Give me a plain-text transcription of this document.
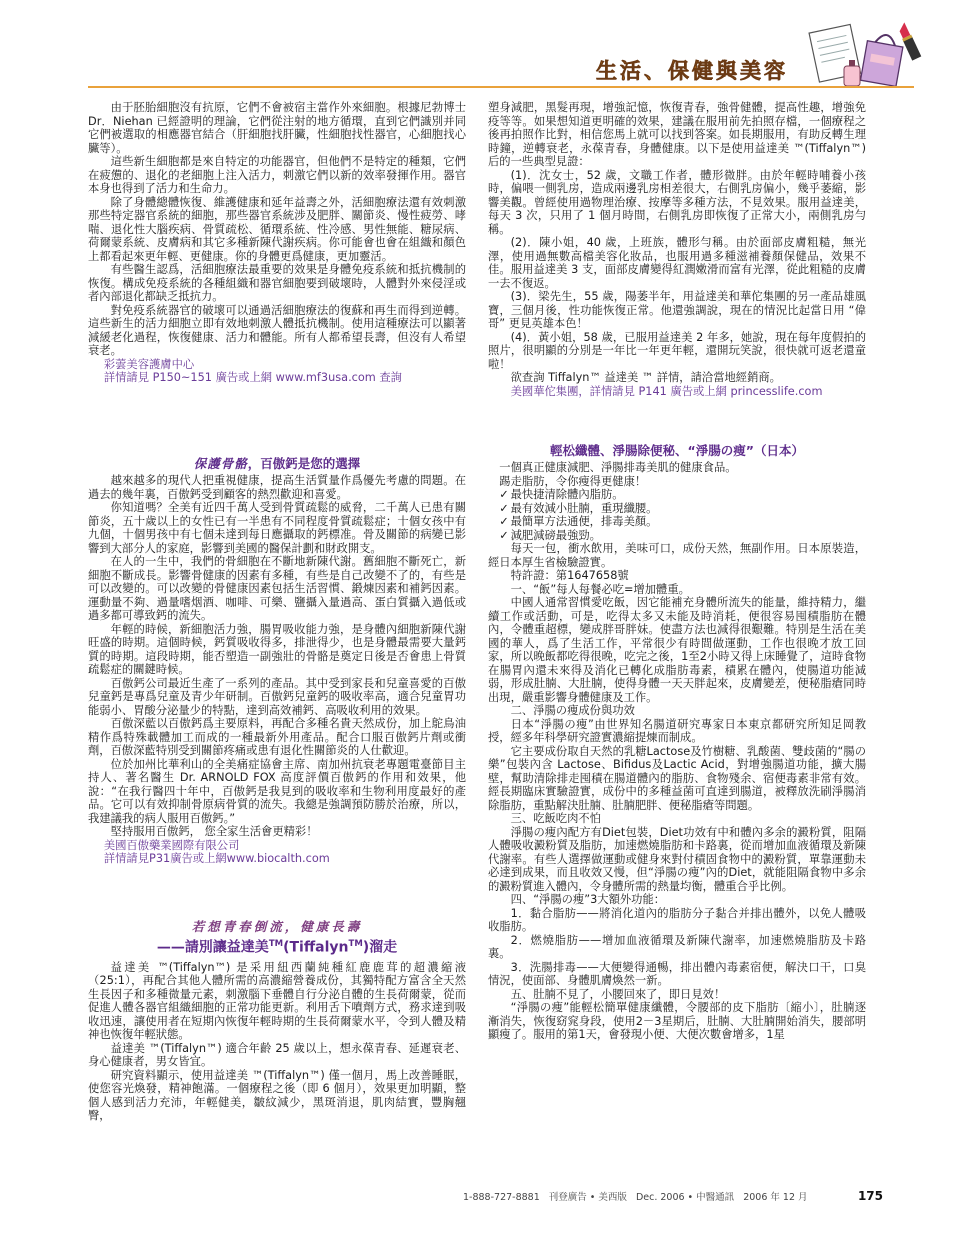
生活、保健與美容

由于胚胎細胞沒有抗原，它們不會被宿主當作外來細胞。根據尼勃博士 Dr．Niehan 已經證明的理論，它們從注射的地方循環，直到它們識別并同它們被選取的相應器官結合（肝細胞找肝臟，性細胞找性器官，心細胞找心臟等）。

這些新生細胞都是來自特定的功能器官，但他們不是特定的種類，它們在疲憊的、退化的老細胞上注入活力，刺激它們以新的效率發揮作用。器官本身也得到了活力和生命力。

除了身體總體恢復、維護健康和延年益壽之外，活細胞療法還有效刺激那些特定器官系統的細胞，那些器官系統涉及肥胖、關節炎、慢性疲勞、哮喘、退化性大腦疾病、骨質疏松、循環系統、性冷感、男性無能、糖尿病、荷爾蒙系統、皮膚病和其它多種新陳代謝疾病。你可能會也會在組織和顏色上都看起來更年輕、更健康。你的身體更爲健康，更加靈活。

有些醫生認爲，活細胞療法最重要的效果是身體免疫系統和抵抗機制的恢復。構成免疫系統的各種組織和器官細胞要到破壞時，人體對外來侵淫或者內部退化都缺乏抵抗力。

對免疫系統器官的破壞可以通過活細胞療法的復蘇和再生而得到逆轉。這些新生的活力細胞立即有效地刺激人體抵抗機制。使用這種療法可以顯著減緩老化過程，恢復健康、活力和體能。所有人都希望長壽，但沒有人希望衰老。

彩蕓美容護膚中心

詳情請見 P150~151 廣告或上網 www.mf3usa.com 查詢

保護骨骼，百傲鈣是您的選擇

越來越多的現代人把重視健康，提高生活質量作爲優先考慮的問題。在過去的幾年裏，百傲鈣受到顧客的熱烈歡迎和喜愛。

你知道嗎？全美有近四千萬人受到骨質疏鬆的威脅，二千萬人已患有關節炎，五十歲以上的女性已有一半患有不同程度骨質疏鬆症；十個女孩中有九個，十個男孩中有七個未達到每日應攝取的鈣標准。骨及關節的病變已影響到大部分人的家庭，影響到美國的醫保計劃和財政開支。

在人的一生中，我們的骨細胞在不斷地新陳代謝。舊細胞不斷死亡，新細胞不斷成長。影響骨健康的因素有多種，有些是自己改變不了的，有些是可以改變的。可以改變的骨健康因素包括生活習慣、鍛煉因素和補鈣因素。運動量不夠、過量嗜烟酒、咖啡、可樂、鹽攝入量過高、蛋白質攝入過低或過多都可導致鈣的流失。

年輕的時候，新細胞活力強，腸胃吸收能力強，是身體內細胞新陳代謝旺盛的時期。這個時候，鈣質吸收得多，排泄得少，也是身體最需要大量鈣質的時期。這段時期，能否塑造一副強壯的骨骼是奠定日後是否會患上骨質疏鬆症的關鍵時候。

百傲鈣公司最近生產了一系列的產品。其中受到家長和兒童喜愛的百傲兒童鈣是專爲兒童及青少年研制。百傲鈣兒童鈣的吸收率高，適合兒童胃功能弱小、胃酸分泌量少的特點，達到高效補鈣、高吸收利用的效果。

百傲深藍以百傲鈣爲主要原料，再配合多種名貴天然成份，加上鴕鳥油精作爲特殊載體加工而成的一種最新外用產品。配合口服百傲鈣片劑或衝劑，百傲深藍特別受到關節疼痛或患有退化性關節炎的人仕歡迎。

位於加州比華利山的全美痛症協會主席、南加州抗衰老專題電臺節目主持人、著名醫生 Dr. ARNOLD FOX 高度評價百傲鈣的作用和效果，他說：“在我行醫四十年中，百傲鈣是我見到的吸收率和生物利用度最好的產品。它可以有效抑制骨原病骨質的流失。我總是強調預防勝於治療，所以，我建議我的病人服用百傲鈣。”

堅持服用百傲鈣， 您全家生活會更精彩！

美國百傲藥業國際有限公司

詳情請見P31廣告或上網www.biocalth.com

若想青春倒流，健康長壽
——請別讓益達美™(Tiffalyn™)溜走

益達美 ™(Tiffalyn™) 是采用紐西蘭純種紅鹿鹿茸的超濃縮液（25:1），再配合其他人體所需的高濃縮營養成份，其獨特配方富含全天然生長因子和多種微量元素，刺激腦下垂體自行分泌自體的生長荷爾蒙，從而促進人體各器官組織細胞的正常功能更新。利用舌下噴劑方式，務求達到吸收迅速，讓使用者在短期內恢復年輕時期的生長荷爾蒙水平，令到人體及精神也恢復年輕狀態。

益達美 ™(Tiffalyn™) 適合年齡 25 歲以上，想永葆青春、延遲衰老、身心健康者，男女皆宜。

研究資料顯示，使用益達美 ™(Tiffalyn™) 僅一個月，馬上改善睡眠，使您容光煥發，精神飽滿。一個療程之後（即 6 個月），效果更加明顯，整個人感到活力充沛，年輕健美，皺紋減少，黑斑消退，肌肉結實，豐胸翹臀，

塑身減肥，黑髮再現，增強記憶，恢復青春，強骨健體，提高性趣，增強免疫等等。如果想知道更明確的效果，建議在服用前先拍照存檔，一個療程之後再拍照作比對，相信您馬上就可以找到答案。如長期服用，有助反轉生理時鐘，逆轉衰老，永葆青春，身體健康。以下是使用益達美 ™(Tiffalyn™) 后的一些典型見證：

(1)．沈女士，52 歲，文職工作者，體形微胖。由於年輕時哺養小孩時，偏喂一側乳房，造成兩邊乳房相差很大，右側乳房偏小，幾乎萎縮，影響美觀。曾經使用過物理治療、按摩等多種方法，不見效果。服用益達美，每天 3 次，只用了 1 個月時間，右側乳房即恢復了正常大小，兩側乳房勻稱。

(2)．陳小姐，40 歲，上班族，體形勻稱。由於面部皮膚粗糙，無光澤，使用過無數高檔美容化妝品，也服用過多種滋補養顏保健品，效果不佳。服用益達美 3 支，面部皮膚變得紅潤嫩滑而富有光澤，從此粗糙的皮膚一去不復返。

(3)．梁先生，55 歲，陽萎半年，用益達美和華佗集團的另一產品雄風寶，三個月後，性功能恢復正常。他還強調說，現在的情況比起當日用 “偉哥” 更見英雄本色！

(4)．黃小姐，58 歲，已服用益達美 2 年多，她說，現在每年度假拍的照片，很明顯的分別是一年比一年更年輕，還開玩笑說，很快就可返老還童啦！

欲查詢 Tiffalyn™ 益達美 ™ 詳情，請洽當地經銷商。

美國華佗集團，詳情請見 P141 廣告或上網 princesslife.com

輕松纖體、淨腸除便秘、“淨腸の痩”（日本）

一個真正健康減肥、淨腸排毒美肌的健康食品。

踢走脂肪，令你瘦得更健康！

✓ 最快捷清除體內脂肪。
✓ 最有效減小肚腩，重現纖腰。
✓ 最簡單方法通便，排毒美顏。
✓ 減肥減磅最強勁。

每天一包，衝水飲用，美味可口，成份天然，無副作用。日本原裝造，經日本厚生省檢驗證實。

特許證：第1647658號

一、“飯”每人每餐必吃=增加體重。

中國人通常習慣愛吃飯，因它能補充身體所流失的能量，維持精力，繼續工作或活動，可是，吃得太多又未能及時消耗，便很容易囤積脂肪在體內，令體重超標，變成胖哥胖妹。使盡方法也減得很艱難。特別是生活在美國的華人，爲了生活工作，平常很少有時間做運動，工作也很晚才放工回家，所以晚飯都吃得很晚，吃完之後，1至2小時又得上床睡覺了，這時食物在腸胃內還未來得及消化已轉化成脂肪毒素，積累在體內，使腸道功能減弱，形成肚腩、大肚腩，使得身體一天天胖起來，皮膚變差，便秘脂瘡同時出現，嚴重影響身體健康及工作。

二、淨腸の痩成份與功效

日本“淨腸の痩”由世界知名腸道研究專家日本東京都研究所知足岡教授，經多年科學研究證實濃縮提煉而制成。

它主要成份取自天然的乳糖Lactose及竹樹糖、乳酸菌、雙歧菌的“腸の樂”包裝內含 Lactose、Bifidus及Lactic Acid，對增強腸道功能，擴大腸壁，幫助清除排走囤積在腸道體內的脂肪、食物殘余、宿便毒素非常有效。經長期臨床實驗證實，成份中的多種益菌可直達到腸道，被釋放洗刷淨腸消除脂肪，重點解決肚腩、肚腩肥胖、便秘脂瘡等問題。

三、吃飯吃肉不怕

淨腸の痩內配方有Diet包裝，Diet功效有中和體內多余的澱粉質，阻隔人體吸收澱粉質及脂肪，加速燃燒脂肪和卡路裏，從而增加血液循環及新陳代謝率。有些人選擇做運動或健身來對付積固食物中的澱粉質，單靠運動未必達到成果，而且收效又慢，但“淨腸の痩”內的Diet，就能阻隔食物中多余的澱粉質進入體內，令身體所需的熱量均衡，體重合乎比例。

四、“淨腸の痩”3大額外功能：

1．黏合脂肪——將消化道內的脂肪分子黏合并排出體外，以免人體吸收脂肪。

2．燃燒脂肪——增加血液循環及新陳代謝率，加速燃燒脂肪及卡路裏。

3．洗腸排毒——大便變得通暢，排出體內毒素宿便，解決口干，口臭情況，使面部、身體肌膚煥然一新。

五、肚腩不見了，小腰回來了，即日見效！

“淨腸の痩”能輕松簡單健康纖體，令腰部的皮下脂肪〔縮小〕，肚腩逐漸消失，恢復窈窕身段，使用2－3星期后，肚腩、大肚腩開始消失，腰部明顯瘦了。服用的第1天，會發現小便、大便次數會增多，1星

1-888-727-8881 刊登廣告 • 美西版 Dec. 2006 • 中醫通訊 2006 年 12 月	175
